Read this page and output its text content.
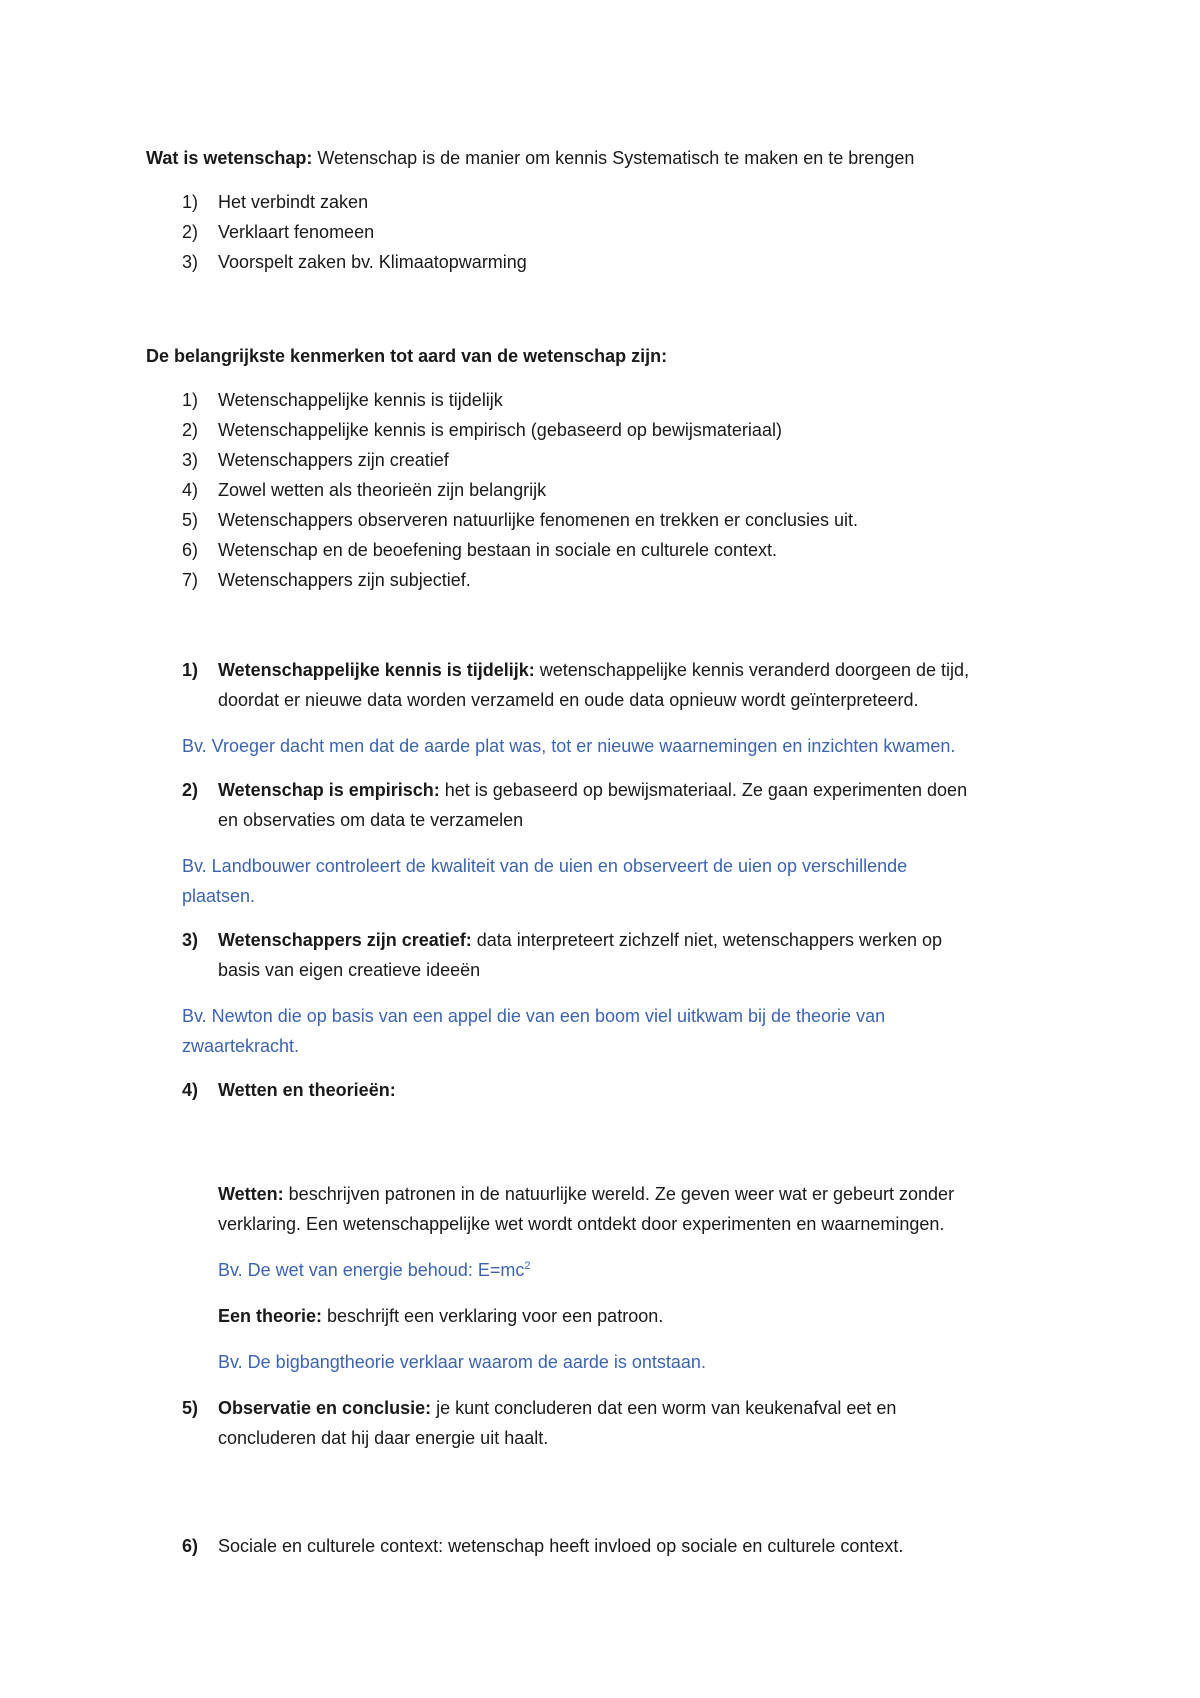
Wat is wetenschap: Wetenschap is de manier om kennis Systematisch te maken en te brengen
1) Het verbindt zaken
2) Verklaart fenomeen
3) Voorspelt zaken bv. Klimaatopwarming
De belangrijkste kenmerken tot aard van de wetenschap zijn:
1) Wetenschappelijke kennis is tijdelijk
2) Wetenschappelijke kennis is empirisch (gebaseerd op bewijsmateriaal)
3) Wetenschappers zijn creatief
4) Zowel wetten als theorieën zijn belangrijk
5) Wetenschappers observeren natuurlijke fenomenen en trekken er conclusies uit.
6) Wetenschap en de beoefening bestaan in sociale en culturele context.
7) Wetenschappers zijn subjectief.
1) Wetenschappelijke kennis is tijdelijk: wetenschappelijke kennis veranderd doorgeen de tijd,
doordat er nieuwe data worden verzameld en oude data opnieuw wordt geïnterpreteerd.
Bv. Vroeger dacht men dat de aarde plat was, tot er nieuwe waarnemingen en inzichten kwamen.
2) Wetenschap is empirisch: het is gebaseerd op bewijsmateriaal. Ze gaan experimenten doen
en observaties om data te verzamelen
Bv. Landbouwer controleert de kwaliteit van de uien en observeert de uien op verschillende
plaatsen.
3) Wetenschappers zijn creatief: data interpreteert zichzelf niet, wetenschappers werken op
basis van eigen creatieve ideeën
Bv. Newton die op basis van een appel die van een boom viel uitkwam bij de theorie van
zwaartekracht.
4) Wetten en theorieën:
Wetten: beschrijven patronen in de natuurlijke wereld. Ze geven weer wat er gebeurt zonder
verklaring. Een wetenschappelijke wet wordt ontdekt door experimenten en waarnemingen.
Bv. De wet van energie behoud: $E=mc^2$
Een theorie: beschrijft een verklaring voor een patroon.
Bv. De bigbangtheorie verklaar waarom de aarde is ontstaan.
5) Observatie en conclusie: je kunt concluderen dat een worm van keukenafval eet en
concluderen dat hij daar energie uit haalt.
6) Sociale en culturele context: wetenschap heeft invloed op sociale en culturele context.
